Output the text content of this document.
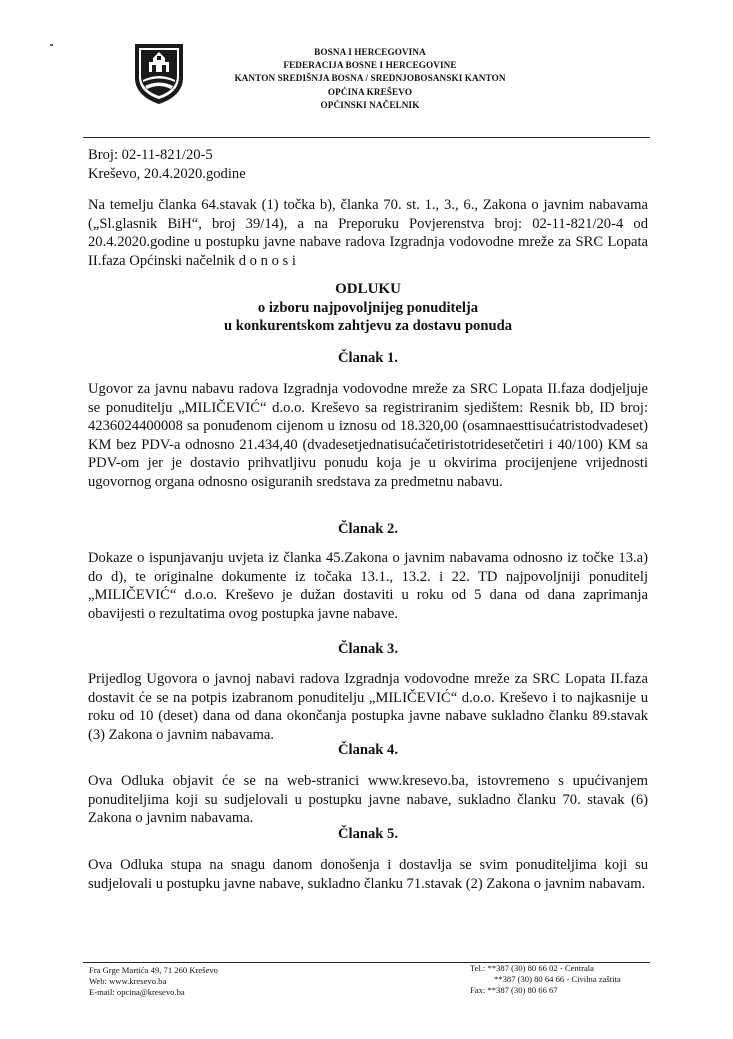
BOSNA I HERCEGOVINA
FEDERACIJA BOSNE I HERCEGOVINE
KANTON SREDIŠNJA BOSNA / SREDNJOBOSANSKI KANTON
OPĆINA KREŠEVO
OPĆINSKI NAČELNIK
Broj: 02-11-821/20-5
Kreševo, 20.4.2020.godine
Na temelju članka 64.stavak (1) točka b), članka 70. st. 1., 3., 6., Zakona o javnim nabavama („Sl.glasnik BiH“, broj 39/14), a na Preporuku Povjerenstva broj: 02-11-821/20-4 od 20.4.2020.godine u postupku javne nabave radova Izgradnja vodovodne mreže za SRC Lopata II.faza Općinski načelnik d o n o s i
ODLUKU
o izboru najpovoljnijeg ponuditelja
u konkurentskom zahtjevu za dostavu ponuda
Članak 1.
Ugovor za javnu nabavu radova Izgradnja vodovodne mreže za SRC Lopata II.faza dodjeljuje se ponuditelju „MILIČEVIĆ“ d.o.o. Kreševo sa registriranim sjedištem: Resnik bb, ID broj: 4236024400008 sa ponuđenom cijenom u iznosu od 18.320,00 (osamnaesttisućatristodvadeset) KM bez PDV-a odnosno 21.434,40 (dvadesetjednatisućačetiristotridesetčetiri i 40/100) KM sa PDV-om jer je dostavio prihvatljivu ponudu koja je u okvirima procijenjene vrijednosti ugovornog organa odnosno osiguranih sredstava za predmetnu nabavu.
Članak 2.
Dokaze o ispunjavanju uvjeta iz članka 45.Zakona o javnim nabavama odnosno iz točke 13.a) do d), te originalne dokumente iz točaka 13.1., 13.2. i 22. TD najpovoljniji ponuditelj „MILIČEVIĆ“ d.o.o. Kreševo je dužan dostaviti u roku od 5 dana od dana zaprimanja obavijesti o rezultatima ovog postupka javne nabave.
Članak 3.
Prijedlog Ugovora o javnoj nabavi radova Izgradnja vodovodne mreže za SRC Lopata II.faza dostavit će se na potpis izabranom ponuditelju „MILIČEVIĆ“ d.o.o. Kreševo i to najkasnije u roku od 10 (deset) dana od dana okončanja postupka javne nabave sukladno članku 89.stavak (3) Zakona o javnim nabavama.
Članak 4.
Ova Odluka objavit će se na web-stranici www.kresevo.ba, istovremeno s upućivanjem ponuditeljima koji su sudjelovali u postupku javne nabave, sukladno članku 70. stavak (6) Zakona o javnim nabavama.
Članak 5.
Ova Odluka stupa na snagu danom donošenja i dostavlja se svim ponuditeljima koji su sudjelovali u postupku javne nabave, sukladno članku 71.stavak (2) Zakona o javnim nabavam.
Fra Grge Martića 49, 71 260 Kreševo
Web: www.kresevo.ba
E-mail: opcina@kresevo.ba
Tel.: **387 (30) 80 66 02 - Centrala
**387 (30) 80 64 66 - Civilna zaštita
Fax: **387 (30) 80 66 67
